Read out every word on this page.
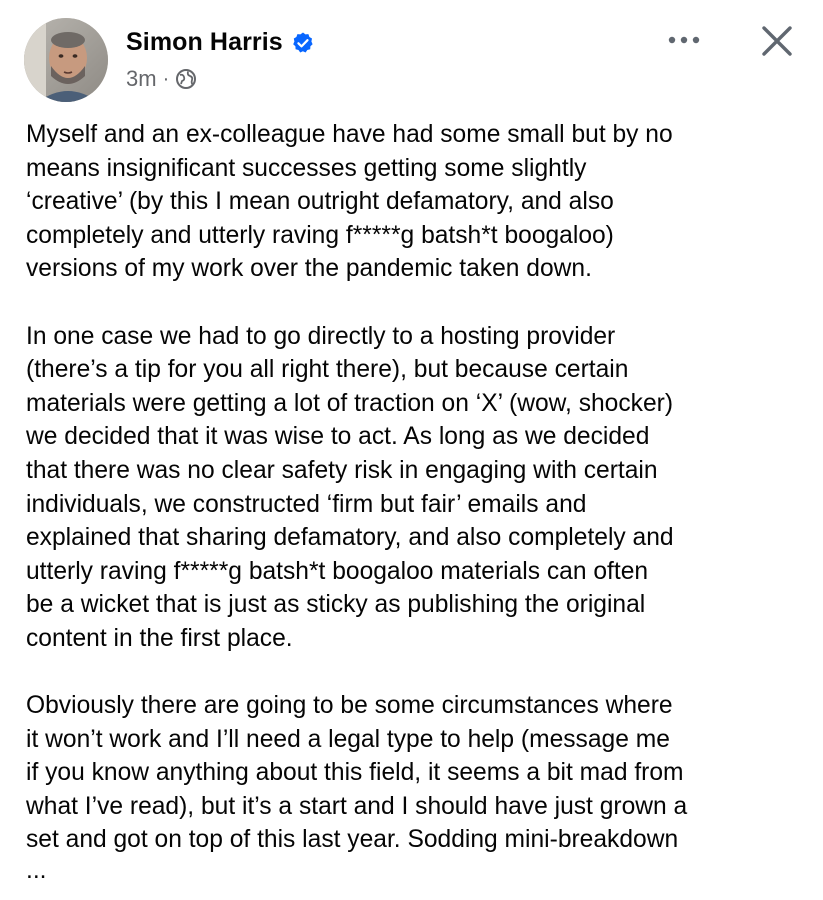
Simon Harris
3m ·
Myself and an ex-colleague have had some small but by no
means insignificant successes getting some slightly
‘creative’ (by this I mean outright defamatory, and also
completely and utterly raving f*****g batsh*t boogaloo)
versions of my work over the pandemic taken down.
In one case we had to go directly to a hosting provider
(there’s a tip for you all right there), but because certain
materials were getting a lot of traction on ‘X’ (wow, shocker)
we decided that it was wise to act. As long as we decided
that there was no clear safety risk in engaging with certain
individuals, we constructed ‘firm but fair’ emails and
explained that sharing defamatory, and also completely and
utterly raving f*****g batsh*t boogaloo materials can often
be a wicket that is just as sticky as publishing the original
content in the first place.
Obviously there are going to be some circumstances where
it won’t work and I’ll need a legal type to help (message me
if you know anything about this field, it seems a bit mad from
what I’ve read), but it’s a start and I should have just grown a
set and got on top of this last year. Sodding mini-breakdown
...
